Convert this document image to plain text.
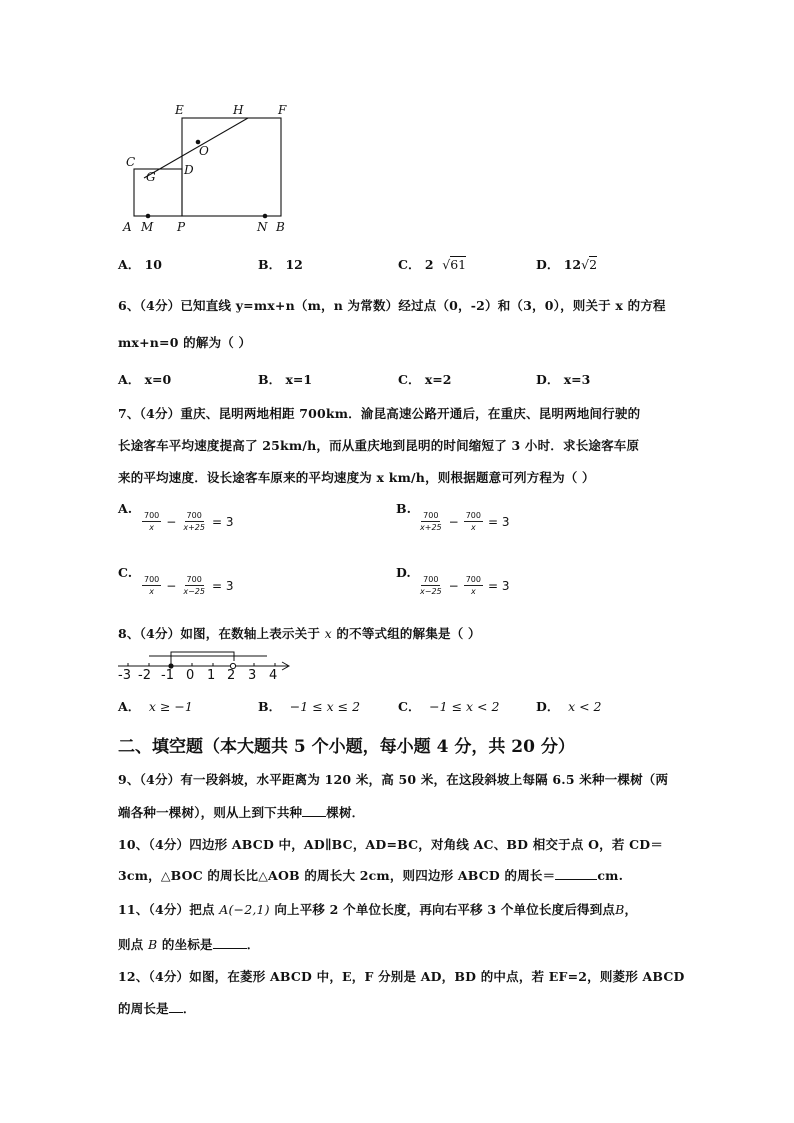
E	H	F
O
C
G D
A M P	N B
A． 10	B． 12	C． 2 √61	D． 12√2
6、（4分）已知直线 y=mx+n（m，n 为常数）经过点（0，-2）和（3，0），则关于 x 的方程
mx+n=0 的解为（ ）
A． x=0	B． x=1	C． x=2	D． x=3
7、（4分）重庆、昆明两地相距 700km．渝昆高速公路开通后，在重庆、昆明两地间行驶的
长途客车平均速度提高了 25km/h，而从重庆地到昆明的时间缩短了 3 小时．求长途客车原
来的平均速度．设长途客车原来的平均速度为 x km/h，则根据题意可列方程为（ ）
A.
$\frac{700}{x} - \frac{700}{x+25} = 3$
B.
$\frac{700}{x+25} - \frac{700}{x} = 3$
C.
$\frac{700}{x} - \frac{700}{x-25} = 3$
D.
$\frac{700}{x-25} - \frac{700}{x} = 3$
8、（4分）如图，在数轴上表示关于 x 的不等式组的解集是（ ）
-3 -2 -1 0 1 2 3 4
A． x ≥ −1	B． −1 ≤ x ≤ 2	C． −1 ≤ x < 2	D． x < 2
二、填空题（本大题共 5 个小题，每小题 4 分，共 20 分）
9、（4分）有一段斜坡，水平距离为 120 米，高 50 米，在这段斜坡上每隔 6.5 米种一棵树（两
端各种一棵树），则从上到下共种 棵树．
10、（4分）四边形 ABCD 中，AD∥BC，AD=BC，对角线 AC、BD 相交于点 O，若 CD＝
3cm，△BOC 的周长比△AOB 的周长大 2cm，则四边形 ABCD 的周长＝	cm.
11、（4分）把点 A(−2,1) 向上平移 2 个单位长度，再向右平移 3 个单位长度后得到点B，
则点 B 的坐标是	．
12、（4分）如图，在菱形 ABCD 中，E，F 分别是 AD，BD 的中点，若 EF=2，则菱形 ABCD
的周长是 ．
